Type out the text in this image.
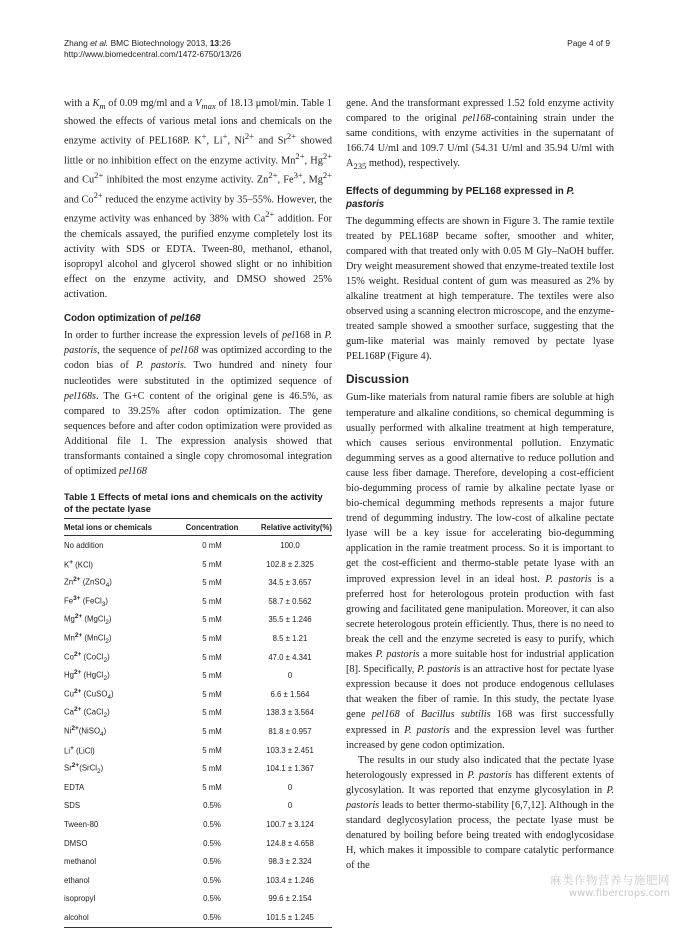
Zhang et al. BMC Biotechnology 2013, 13:26
http://www.biomedcentral.com/1472-6750/13/26
Page 4 of 9

with a $K_m$ of 0.09 mg/ml and a $V_{max}$ of 18.13 μmol/min. Table 1 showed the effects of various metal ions and chemicals on the enzyme activity of PEL168P. K+, Li+, $Ni^{2+}$ and $Sr^{2+}$ showed little or no inhibition effect on the enzyme activity. $Mn^{2+}$, $Hg^{2+}$ and $Cu^{2+}$ inhibited the most enzyme activity. $Zn^{2+}$, $Fe^{3+}$, $Mg^{2+}$ and $Co^{2+}$ reduced the enzyme activity by 35–55%. However, the enzyme activity was enhanced by 38% with $Ca^{2+}$ addition. For the chemicals assayed, the purified enzyme completely lost its activity with SDS or EDTA. Tween-80, methanol, ethanol, isopropyl alcohol and glycerol showed slight or no inhibition effect on the enzyme activity, and DMSO showed 25% activation.

Codon optimization of pel168

In order to further increase the expression levels of pel168 in P. pastoris, the sequence of pel168 was optimized according to the codon bias of P. pastoris. Two hundred and ninety four nucleotides were substituted in the optimized sequence of pel168s. The G+C content of the original gene is 46.5%, as compared to 39.25% after codon optimization. The gene sequences before and after codon optimization were provided as Additional file 1. The expression analysis showed that transformants contained a single copy chromosomal integration of optimized pel168

Table 1 Effects of metal ions and chemicals on the activity of the pectate lyase
Metal ions or chemicals	Concentration	Relative activity(%)
No addition	0 mM	100.0
K+ (KCl)	5 mM	102.8 ± 2.325
$Zn^{2+}$ (ZnSO$_4$)	5 mM	34.5 ± 3.657
$Fe^{3+}$ (FeCl$_3$)	5 mM	58.7 ± 0.562
$Mg^{2+}$ (MgCl$_2$)	5 mM	35.5 ± 1.246
$Mn^{2+}$ (MnCl$_2$)	5 mM	8.5 ± 1.21
$Co^{2+}$ (CoCl$_2$)	5 mM	47.0 ± 4.341
$Hg^{2+}$ (HgCl$_2$)	5 mM	0
$Cu^{2+}$ (CuSO$_4$)	5 mM	6.6 ± 1.564
$Ca^{2+}$ (CaCl$_2$)	5 mM	138.3 ± 3.564
$Ni^{2+}(NiSO_4)$	5 mM	81.8 ± 0.957
Li+ (LiCl)	5 mM	103.3 ± 2.451
$Sr^{2+}(SrCl_2)$	5 mM	104.1 ± 1.367
EDTA	5 mM	0
SDS	0.5%	0
Tween-80	0.5%	100.7 ± 3.124
DMSO	0.5%	124.8 ± 4.658
methanol	0.5%	98.3 ± 2.324
ethanol	0.5%	103.4 ± 1.246
isopropyl	0.5%	99.6 ± 2.154
alcohol	0.5%	101.5 ± 1.245

gene. And the transformant expressed 1.52 fold enzyme activity compared to the original pel168-containing strain under the same conditions, with enzyme activities in the supernatant of 166.74 U/ml and 109.7 U/ml (54.31 U/ml and 35.94 U/ml with $A_{235}$ method), respectively.

Effects of degumming by PEL168 expressed in P. pastoris

The degumming effects are shown in Figure 3. The ramie textile treated by PEL168P became softer, smoother and whiter, compared with that treated only with 0.05 M Gly–NaOH buffer. Dry weight measurement showed that enzyme-treated textile lost 15% weight. Residual content of gum was measured as 2% by alkaline treatment at high temperature. The textiles were also observed using a scanning electron microscope, and the enzyme-treated sample showed a smoother surface, suggesting that the gum-like material was mainly removed by pectate lyase PEL168P (Figure 4).

Discussion

Gum-like materials from natural ramie fibers are soluble at high temperature and alkaline conditions, so chemical degumming is usually performed with alkaline treatment at high temperature, which causes serious environmental pollution. Enzymatic degumming serves as a good alternative to reduce pollution and cause less fiber damage. Therefore, developing a cost-efficient bio-degumming process of ramie by alkaline pectate lyase or bio-chemical degumming methods represents a major future trend of degumming industry. The low-cost of alkaline pectate lyase will be a key issue for accelerating bio-degumming application in the ramie treatment process. So it is important to get the cost-efficient and thermo-stable petate lyase with an improved expression level in an ideal host. P. pastoris is a preferred host for heterologous protein production with fast growing and facilitated gene manipulation. Moreover, it can also secrete heterologous protein efficiently. Thus, there is no need to break the cell and the enzyme secreted is easy to purify, which makes P. pastoris a more suitable host for industrial application [8]. Specifically, P. pastoris is an attractive host for pectate lyase expression because it does not produce endogenous cellulases that weaken the fiber of ramie. In this study, the pectate lyase gene pel168 of Bacillus subtilis 168 was first successfully expressed in P. pastoris and the expression level was further increased by gene codon optimization.

The results in our study also indicated that the pectate lyase heterologously expressed in P. pastoris has different extents of glycosylation. It was reported that enzyme glycosylation in P. pastoris leads to better thermo-stability [6,7,12]. Although in the standard deglycosylation process, the pectate lyase must be denatured by boiling before being treated with endoglycosidase H, which makes it impossible to compare catalytic performance of the

麻类作物营养与施肥网
www.fibercrops.com
